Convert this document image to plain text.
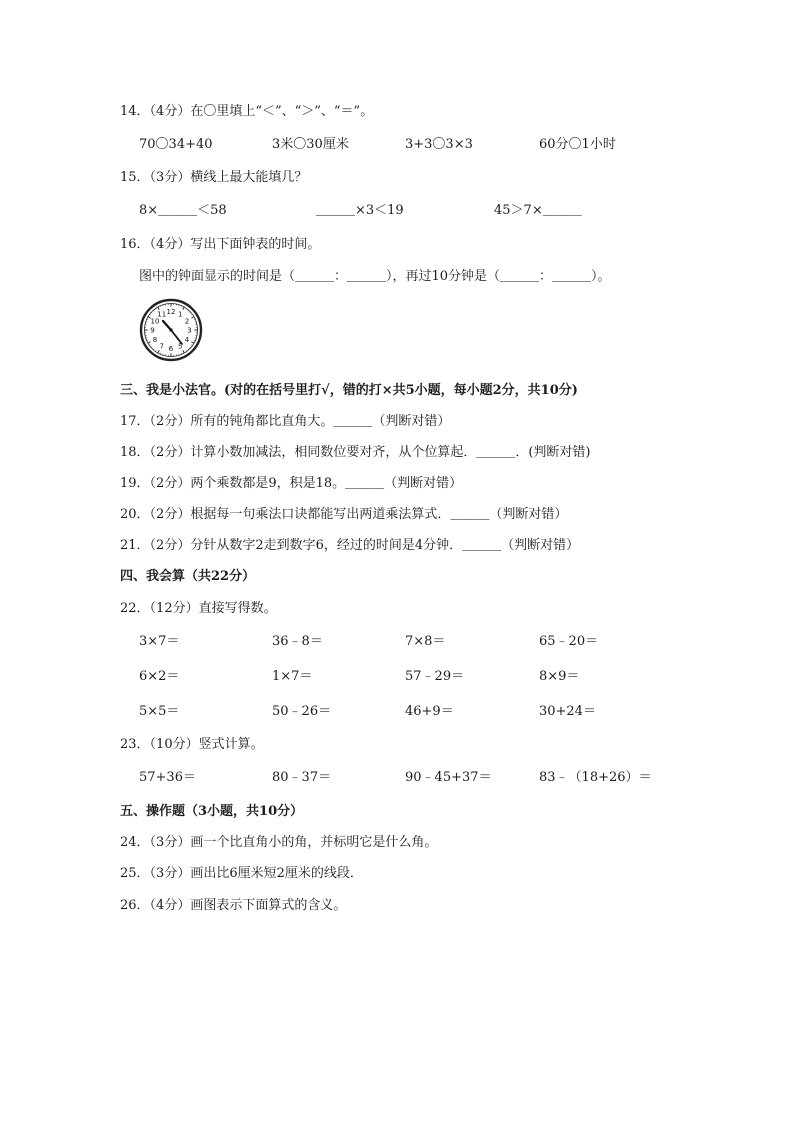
14．（4分）在〇里填上“＜”、“＞”、“＝”。
70〇34+40	3米〇30厘米	3+3〇3×3	60分〇1小时
15．（3分）横线上最大能填几？
8×＿＿＿＜58	＿＿＿×3＜19	45＞7×＿＿＿
16．（4分）写出下面钟表的时间。
图中的钟面显示的时间是（＿＿＿：＿＿＿），再过10分钟是（＿＿＿：＿＿＿）。
12 1
2
3
4
5
6
7
8
9
10
11
三、我是小法官。(对的在括号里打√，错的打×共5小题，每小题2分，共10分)
17．（2分）所有的钝角都比直角大。＿＿＿（判断对错）
18．（2分）计算小数加减法，相同数位要对齐，从个位算起．＿＿＿．(判断对错)
19．（2分）两个乘数都是9，积是18。＿＿＿（判断对错）
20．（2分）根据每一句乘法口诀都能写出两道乘法算式．＿＿＿（判断对错）
21．（2分）分针从数字2走到数字6，经过的时间是4分钟．＿＿＿（判断对错）
四、我会算（共22分）
22．（12分）直接写得数。
3×7＝	36﹣8＝	7×8＝	65﹣20＝
6×2＝	1×7＝	57﹣29＝	8×9＝
5×5＝	50﹣26＝	46+9＝	30+24＝
23．（10分）竖式计算。
57+36＝	80﹣37＝	90﹣45+37＝	83﹣（18+26）＝
五、操作题（3小题，共10分）
24．（3分）画一个比直角小的角，并标明它是什么角。
25．（3分）画出比6厘米短2厘米的线段．
26．（4分）画图表示下面算式的含义。
